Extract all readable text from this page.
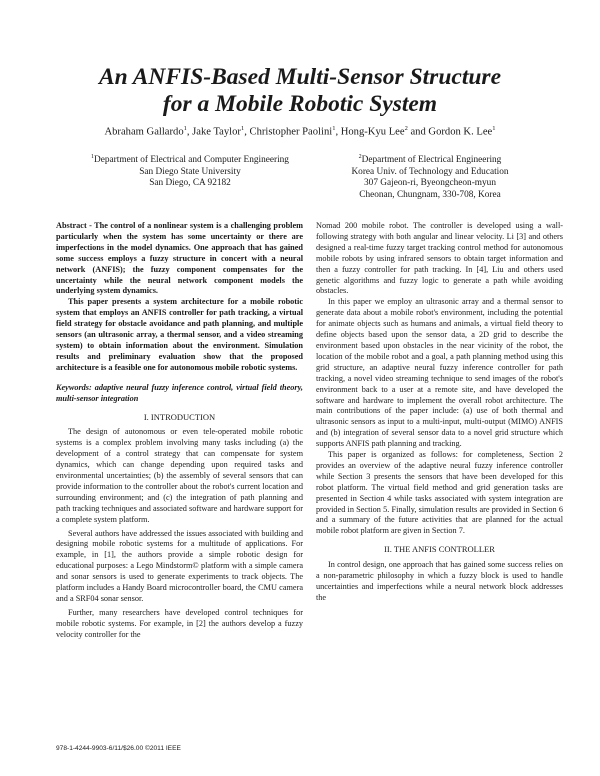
An ANFIS-Based Multi-Sensor Structure
for a Mobile Robotic System
Abraham Gallardo$^1$, Jake Taylor$^1$, Christopher Paolini$^1$, Hong-Kyu Lee$^2$ and Gordon K. Lee$^1$
$^1$Department of Electrical and Computer Engineering
San Diego State University
San Diego, CA 92182
$^2$Department of Electrical Engineering
Korea Univ. of Technology and Education
307 Gajeon-ri, Byeongcheon-myun
Cheonan, Chungnam, 330-708, Korea

Abstract - The control of a nonlinear system is a challenging problem particularly when the system has some uncertainty or there are imperfections in the model dynamics. One approach that has gained some success employs a fuzzy structure in concert with a neural network (ANFIS); the fuzzy component compensates for the uncertainty while the neural network component models the underlying system dynamics.

This paper presents a system architecture for a mobile robotic system that employs an ANFIS controller for path tracking, a virtual field strategy for obstacle avoidance and path planning, and multiple sensors (an ultrasonic array, a thermal sensor, and a video streaming system) to obtain information about the environment. Simulation results and preliminary evaluation show that the proposed architecture is a feasible one for autonomous mobile robotic systems.

Keywords: adaptive neural fuzzy inference control, virtual field theory, multi-sensor integration

I. INTRODUCTION

The design of autonomous or even tele-operated mobile robotic systems is a complex problem involving many tasks including (a) the development of a control strategy that can compensate for system dynamics, which can change depending upon required tasks and environmental uncertainties; (b) the assembly of several sensors that can provide information to the controller about the robot's current location and surrounding environment; and (c) the integration of path planning and path tracking techniques and associated software and hardware support for a complete system platform.

Several authors have addressed the issues associated with building and designing mobile robotic systems for a multitude of applications. For example, in [1], the authors provide a simple robotic design for educational purposes: a Lego Mindstorm© platform with a simple camera and sonar sensors is used to generate experiments to track objects. The platform includes a Handy Board microcontroller board, the CMU camera and a SRF04 sonar sensor.

Further, many researchers have developed control techniques for mobile robotic systems. For example, in [2] the authors develop a fuzzy velocity controller for the

Nomad 200 mobile robot. The controller is developed using a wall-following strategy with both angular and linear velocity. Li [3] and others designed a real-time fuzzy target tracking control method for autonomous mobile robots by using infrared sensors to obtain target information and then a fuzzy controller for path tracking. In [4], Liu and others used genetic algorithms and fuzzy logic to generate a path while avoiding obstacles.

In this paper we employ an ultrasonic array and a thermal sensor to generate data about a mobile robot's environment, including the potential for animate objects such as humans and animals, a virtual field theory to define objects based upon the sensor data, a 2D grid to describe the environment based upon obstacles in the near vicinity of the robot, the location of the mobile robot and a goal, a path planning method using this grid structure, an adaptive neural fuzzy inference controller for path tracking, a novel video streaming technique to send images of the robot's environment back to a user at a remote site, and have developed the software and hardware to implement the overall robot architecture. The main contributions of the paper include: (a) use of both thermal and ultrasonic sensors as input to a multi-input, multi-output (MIMO) ANFIS and (b) integration of several sensor data to a novel grid structure which supports ANFIS path planning and tracking.

This paper is organized as follows: for completeness, Section 2 provides an overview of the adaptive neural fuzzy inference controller while Section 3 presents the sensors that have been developed for this robot platform. The virtual field method and grid generation tasks are presented in Section 4 while tasks associated with system integration are provided in Section 5. Finally, simulation results are provided in Section 6 and a summary of the future activities that are planned for the actual mobile robot platform are given in Section 7.

II. THE ANFIS CONTROLLER

In control design, one approach that has gained some success relies on a non-parametric philosophy in which a fuzzy block is used to handle uncertainties and imperfections while a neural network block addresses the

978-1-4244-9903-6/11/$26.00 ©2011 IEEE
